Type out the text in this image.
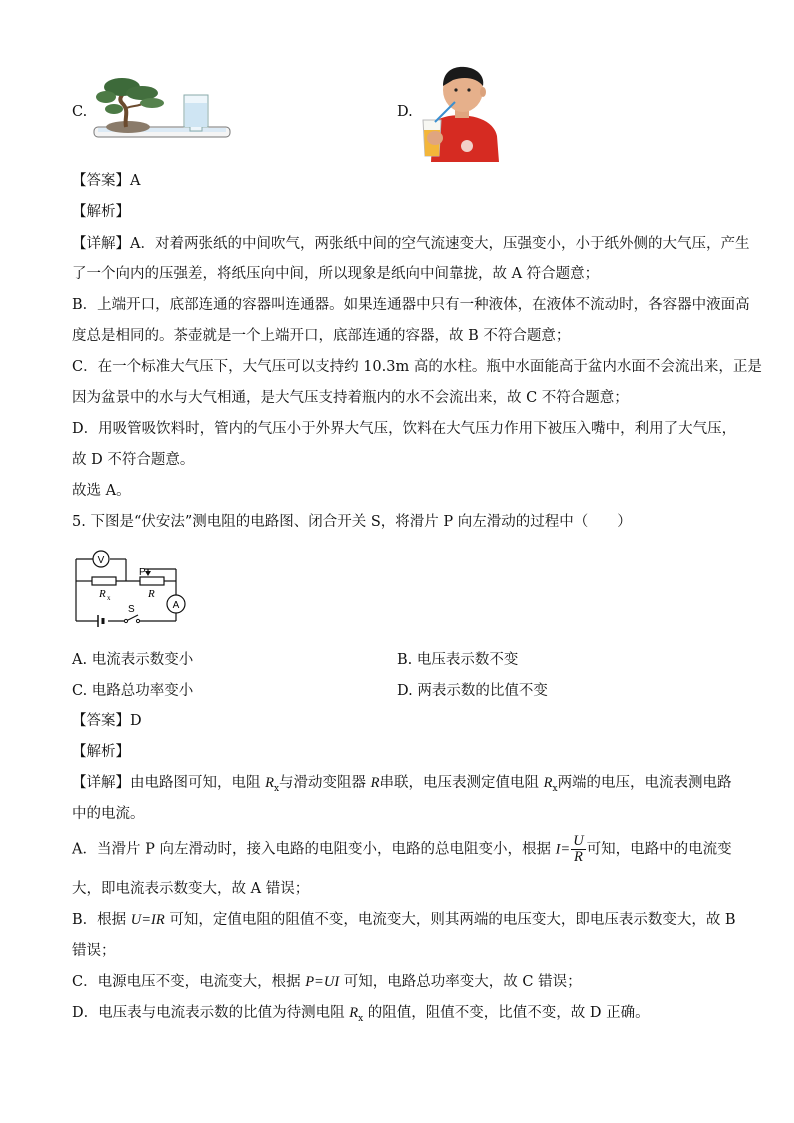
C.	D.
【答案】A
【解析】
【详解】A．对着两张纸的中间吹气，两张纸中间的空气流速变大，压强变小，小于纸外侧的大气压，产生
了一个向内的压强差，将纸压向中间，所以现象是纸向中间靠拢，故 A 符合题意；
B．上端开口，底部连通的容器叫连通器。如果连通器中只有一种液体，在液体不流动时，各容器中液面高
度总是相同的。茶壶就是一个上端开口，底部连通的容器，故 B 不符合题意；
C．在一个标准大气压下，大气压可以支持约 10.3m 高的水柱。瓶中水面能高于盆内水面不会流出来，正是
因为盆景中的水与大气相通，是大气压支持着瓶内的水不会流出来，故 C 不符合题意；
D．用吸管吸饮料时，管内的气压小于外界大气压，饮料在大气压力作用下被压入嘴中，利用了大气压，
故 D 不符合题意。
故选 A。
5. 下图是“伏安法”测电阻的电路图、闭合开关 S，将滑片 P 向左滑动的过程中（　　）
V
A
P
R x	R
S
A. 电流表示数变小	B. 电压表示数不变
C. 电路总功率变小	D. 两表示数的比值不变
【答案】D
【解析】
【详解】由电路图可知，电阻 $R_x$与滑动变阻器 R串联，电压表测定值电阻 $R_x$两端的电压，电流表测电路
中的电流。
A．当滑片 P 向左滑动时，接入电路的电阻变小，电路的总电阻变小，根据 $I= \frac{U}{R}$ 可知，电路中的电流变
大，即电流表示数变大，故 A 错误；
B．根据 U=IR 可知，定值电阻的阻值不变，电流变大，则其两端的电压变大，即电压表示数变大，故 B
错误；
C．电源电压不变，电流变大，根据 P=UI 可知，电路总功率变大，故 C 错误；
D．电压表与电流表示数的比值为待测电阻 $R_x$ 的阻值，阻值不变，比值不变，故 D 正确。
